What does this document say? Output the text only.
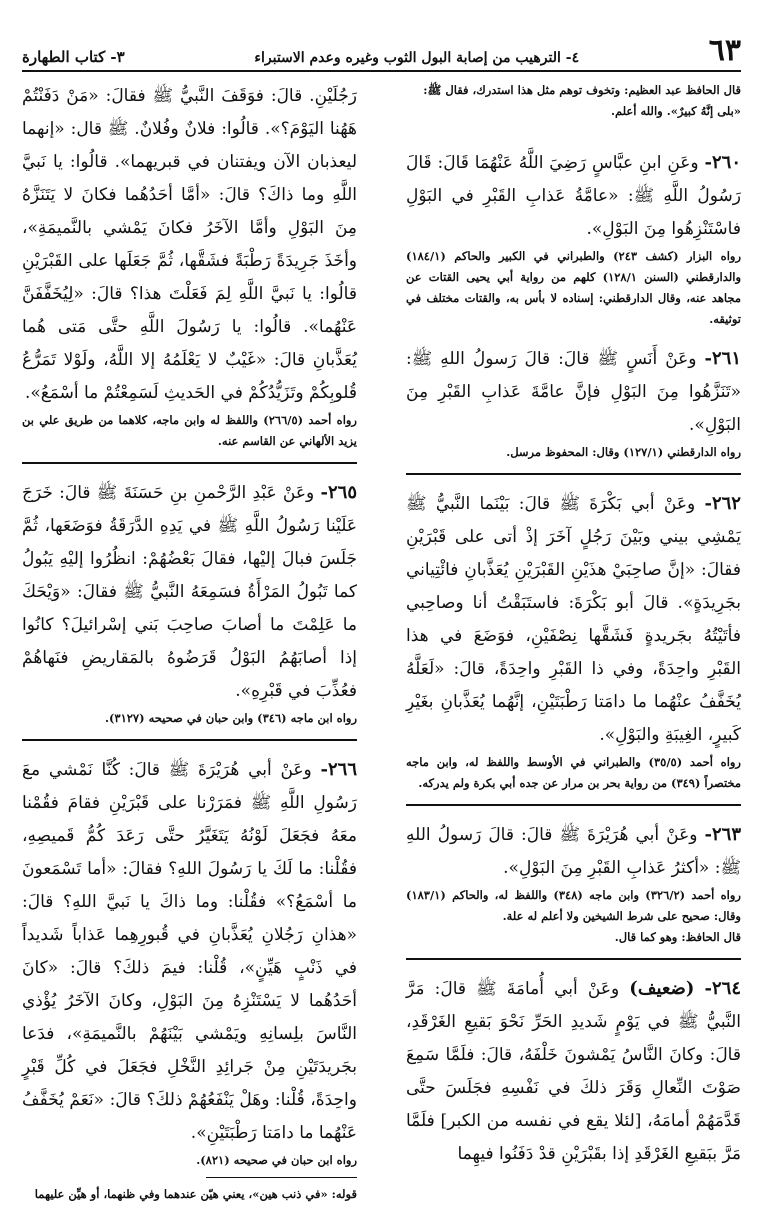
٦٣
٤- الترهيب من إصابة البول الثوب وغيره وعدم الاستبراء
٣- كتاب الطهارة

قال الحافظ عبد العظيم: وتخوف توهم مثل هذا استدرك، فقال ﷺ: «بلى إنَّهُ كبيرٌ». والله أعلم.

٢٦٠- وعَنِ ابنِ عبَّاسٍ رَضِيَ اللَّهُ عَنْهُمَا قَالَ: قَالَ رَسُولُ اللَّهِ ﷺ: «عامَّةُ عَذابِ القَبْرِ في البَوْلِ فاسْتَنْزِهُوا مِنَ البَوْلِ».

رواه البزار (كشف ٢٤٣) والطبراني في الكبير والحاكم (١٨٤/١) والدارقطني (السنن ١٢٨/١) كلهم من رواية أبي يحيى القتات عن مجاهد عنه، وقال الدارقطني: إسناده لا بأس به، والقتات مختلف في توثيقه.

٢٦١- وعَنْ أَنَسٍ ﷺ قالَ: قالَ رَسولُ اللهِ ﷺ: «تَنَزَّهُوا مِنَ البَوْلِ فإنَّ عامَّةَ عَذابِ القَبْرِ مِنَ البَوْلِ».

رواه الدارقطني (١٢٧/١) وقال: المحفوظ مرسل.

٢٦٢- وعَنْ أبي بَكْرَةَ ﷺ قالَ: بَيْنَما النَّبيُّ ﷺ يَمْشِي بيني وبَيْنَ رَجُلٍ آخَرَ إذْ أتى على قَبْرَيْنِ فقالَ: «إنَّ صاحِبَيْ هذَيْنِ القَبْرَيْنِ يُعَذَّبانِ فائْتِياني بجَرِيدَةٍ». قالَ أبو بَكْرَةَ: فاستَبَقْتُ أنا وصاحِبي فأتَيْتُهُ بجَريدةٍ فَشَقَّها نِصْفَيْنِ، فوَضَعَ في هذا القَبْرِ واحِدَةً، وفي ذا القَبْرِ واحِدَةً، قالَ: «لَعَلَّهُ يُخَفَّفُ عنْهُما ما دامَتا رَطْبَتَيْنِ، إنَّهُما يُعَذَّبانِ بغَيْرِ كَبيرٍ، الغِيبَةِ والبَوْلِ».

رواه أحمد (٣٥/٥) والطبراني في الأوسط واللفظ له، وابن ماجه مختصراً (٣٤٩) من رواية بحر بن مرار عن جده أبي بكرة ولم يدركه.

٢٦٣- وعَنْ أبي هُرَيْرَةَ ﷺ قالَ: قالَ رَسولُ اللهِ ﷺ: «أكثرُ عَذابِ القَبْرِ مِنَ البَوْلِ».

رواه أحمد (٣٢٦/٢) وابن ماجه (٣٤٨) واللفظ له، والحاكم (١٨٣/١) وقال: صحيح على شرط الشيخين ولا أعلم له علة.

قال الحافظ: وهو كما قال.

٢٦٤- (ضعيف) وعَنْ أبي أُمامَةَ ﷺ قالَ: مَرَّ النَّبيُّ ﷺ في يَوْمٍ شَديدِ الحَرِّ نَحْوَ بَقيعِ الغَرْقَدِ، قالَ: وكانَ النَّاسُ يَمْشونَ خَلْفَهُ، قالَ: فلَمَّا سَمِعَ صَوْتَ النِّعالِ وَقَرَ ذلكَ في نَفْسِهِ فجَلَسَ حتَّى قَدَّمَهُمْ أمامَهُ، [لئلا يقع في نفسه من الكبر] فلَمَّا مَرَّ ببَقيعِ الغَرْقَدِ إذا بقَبْرَيْنِ قدْ دَفَنُوا فيهِما

رَجُلَيْنِ. قالَ: فوَقَفَ النَّبيُّ ﷺ فقالَ: «مَنْ دَفَنْتُمْ هَهُنا اليَوْمَ؟». قالُوا: فلانٌ وفُلانٌ. ﷺ قال: «إنهما ليعذبان الآن ويفتنان في قبريهما». قالُوا: يا نَبيَّ اللَّهِ وما ذاكَ؟ قالَ: «أمَّا أحَدُهُما فكانَ لا يَتَنَزَّهُ مِنَ البَوْلِ وأمَّا الآخَرُ فكانَ يَمْشي بالنَّميمَةِ»، وأخَذَ جَرِيدَةً رَطْبَةً فشَقَّها، ثُمَّ جَعَلَها على القَبْرَيْنِ قالُوا: يا نَبيَّ اللَّهِ لِمَ فَعَلْتَ هذا؟ قالَ: «لِيُخَفَّفَنَّ عَنْهُما». قالُوا: يا رَسُولَ اللَّهِ حتَّى مَتى هُما يُعَذَّبانِ قالَ: «غَيْبٌ لا يَعْلَمُهُ إلا اللَّهُ، ولَوْلا تَمَرُّعُ قُلوبِكُمْ وتَزَيُّدُكُمْ في الحَديثِ لَسَمِعْتُمْ ما أسْمَعُ».

رواه أحمد (٢٦٦/٥) واللفظ له وابن ماجه، كلاهما من طريق علي بن يزيد الألهاني عن القاسم عنه.

٢٦٥- وعَنْ عَبْدِ الرَّحْمنِ بنِ حَسَنَةَ ﷺ قالَ: خَرَجَ عَلَيْنا رَسُولُ اللَّهِ ﷺ في يَدِهِ الدَّرَقَةُ فوَضَعَها، ثُمَّ جَلَسَ فبالَ إليْها، فقالَ بَعْضُهُمْ: انظُرُوا إليْهِ يَبُولُ كما تَبُولُ المَرْأَةُ فسَمِعَهُ النَّبيُّ ﷺ فقالَ: «وَيْحَكَ ما عَلِمْتَ ما أصابَ صاحِبَ بَني إسْرائيلَ؟ كانُوا إذا أصابَهُمُ البَوْلُ قَرَضُوهُ بالمَقاريضِ فنَهاهُمْ فعُذِّبَ في قَبْرِهِ».

رواه ابن ماجه (٣٤٦) وابن حبان في صحيحه (٣١٢٧).

٢٦٦- وعَنْ أبي هُرَيْرَةَ ﷺ قالَ: كُنَّا نَمْشي معَ رَسُولِ اللَّهِ ﷺ فمَرَرْنا على قَبْرَيْنِ فقامَ فقُمْنا معَهُ فجَعَلَ لَوْنُهُ يَتَغَيَّرُ حتَّى رَعَدَ كُمُّ قَميصِهِ، فقُلْنا: ما لَكَ يا رَسُولَ اللهِ؟ فقالَ: «أما تَسْمَعونَ ما أسْمَعُ؟» فقُلْنا: وما ذاكَ يا نَبيَّ اللهِ؟ قالَ: «هذانِ رَجُلانِ يُعَذَّبانِ في قُبورِهِما عَذاباً شَديداً في ذَنْبٍ هَيِّنٍ»، قُلْنا: فيمَ ذلكَ؟ قالَ: «كانَ أحَدُهُما لا يَسْتَنْزِهُ مِنَ البَوْلِ، وكانَ الآخَرُ يُؤْذي النَّاسَ بلِسانِهِ ويَمْشي بَيْنَهُمْ بالنَّميمَةِ»، فدَعا بجَريدَتَيْنِ مِنْ جَرائِدِ النَّخْلِ فجَعَلَ في كُلِّ قَبْرٍ واحِدَةً، قُلْنا: وهَلْ يَنْفَعُهُمْ ذلكَ؟ قالَ: «نَعَمْ يُخَفَّفُ عَنْهُما ما دامَتا رَطْبَتَيْنِ».

رواه ابن حبان في صحيحه (٨٢١).

قوله: «في ذنب هين»، يعني هيّن عندهما وفي ظنهما، أو هيِّن عليهما
